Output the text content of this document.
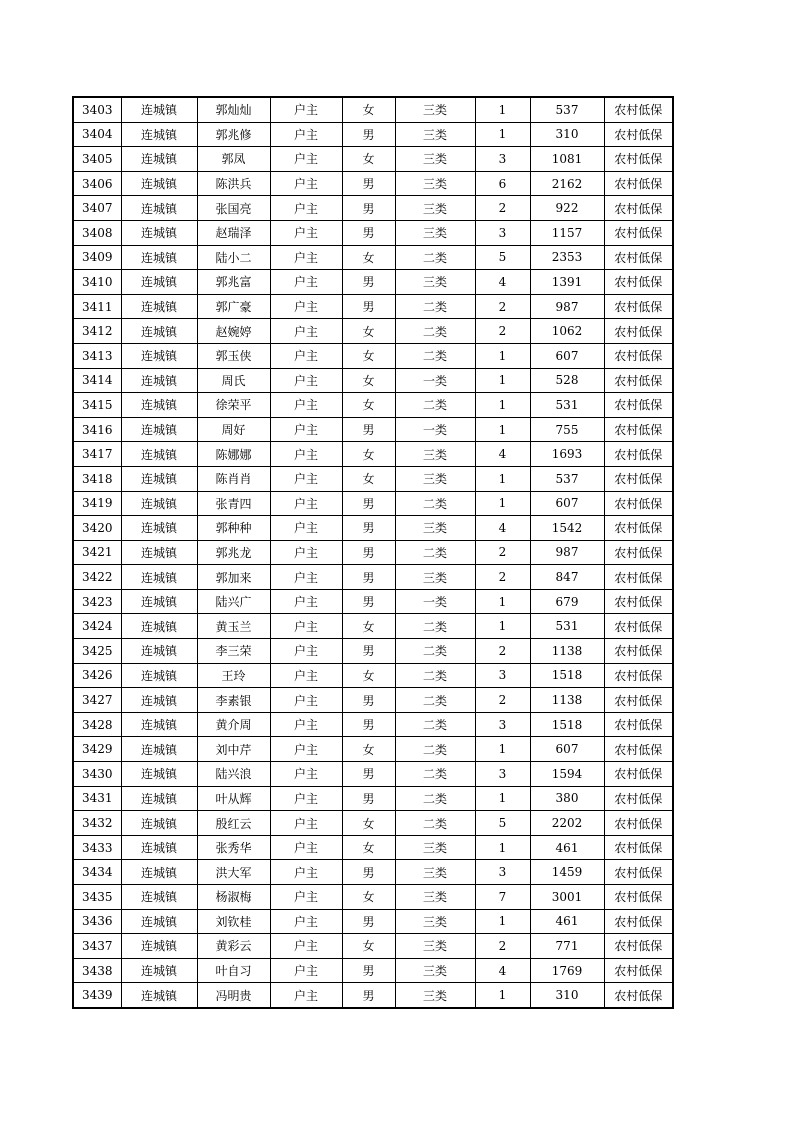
3403	连城镇	郭灿灿	户主	女	三类	1	537	农村低保
3404	连城镇	郭兆修	户主	男	三类	1	310	农村低保
3405	连城镇	郭凤	户主	女	三类	3	1081	农村低保
3406	连城镇	陈洪兵	户主	男	三类	6	2162	农村低保
3407	连城镇	张国亮	户主	男	三类	2	922	农村低保
3408	连城镇	赵瑞泽	户主	男	三类	3	1157	农村低保
3409	连城镇	陆小二	户主	女	二类	5	2353	农村低保
3410	连城镇	郭兆富	户主	男	三类	4	1391	农村低保
3411	连城镇	郭广豪	户主	男	二类	2	987	农村低保
3412	连城镇	赵婉婷	户主	女	二类	2	1062	农村低保
3413	连城镇	郭玉侠	户主	女	二类	1	607	农村低保
3414	连城镇	周氏	户主	女	一类	1	528	农村低保
3415	连城镇	徐荣平	户主	女	二类	1	531	农村低保
3416	连城镇	周好	户主	男	一类	1	755	农村低保
3417	连城镇	陈娜娜	户主	女	三类	4	1693	农村低保
3418	连城镇	陈肖肖	户主	女	三类	1	537	农村低保
3419	连城镇	张青四	户主	男	二类	1	607	农村低保
3420	连城镇	郭种种	户主	男	三类	4	1542	农村低保
3421	连城镇	郭兆龙	户主	男	二类	2	987	农村低保
3422	连城镇	郭加来	户主	男	三类	2	847	农村低保
3423	连城镇	陆兴广	户主	男	一类	1	679	农村低保
3424	连城镇	黄玉兰	户主	女	二类	1	531	农村低保
3425	连城镇	李三荣	户主	男	二类	2	1138	农村低保
3426	连城镇	王玲	户主	女	二类	3	1518	农村低保
3427	连城镇	李素银	户主	男	二类	2	1138	农村低保
3428	连城镇	黄介周	户主	男	二类	3	1518	农村低保
3429	连城镇	刘中芹	户主	女	二类	1	607	农村低保
3430	连城镇	陆兴浪	户主	男	二类	3	1594	农村低保
3431	连城镇	叶从辉	户主	男	二类	1	380	农村低保
3432	连城镇	殷红云	户主	女	二类	5	2202	农村低保
3433	连城镇	张秀华	户主	女	三类	1	461	农村低保
3434	连城镇	洪大军	户主	男	三类	3	1459	农村低保
3435	连城镇	杨淑梅	户主	女	三类	7	3001	农村低保
3436	连城镇	刘钦桂	户主	男	三类	1	461	农村低保
3437	连城镇	黄彩云	户主	女	三类	2	771	农村低保
3438	连城镇	叶自习	户主	男	三类	4	1769	农村低保
3439	连城镇	冯明贵	户主	男	三类	1	310	农村低保
